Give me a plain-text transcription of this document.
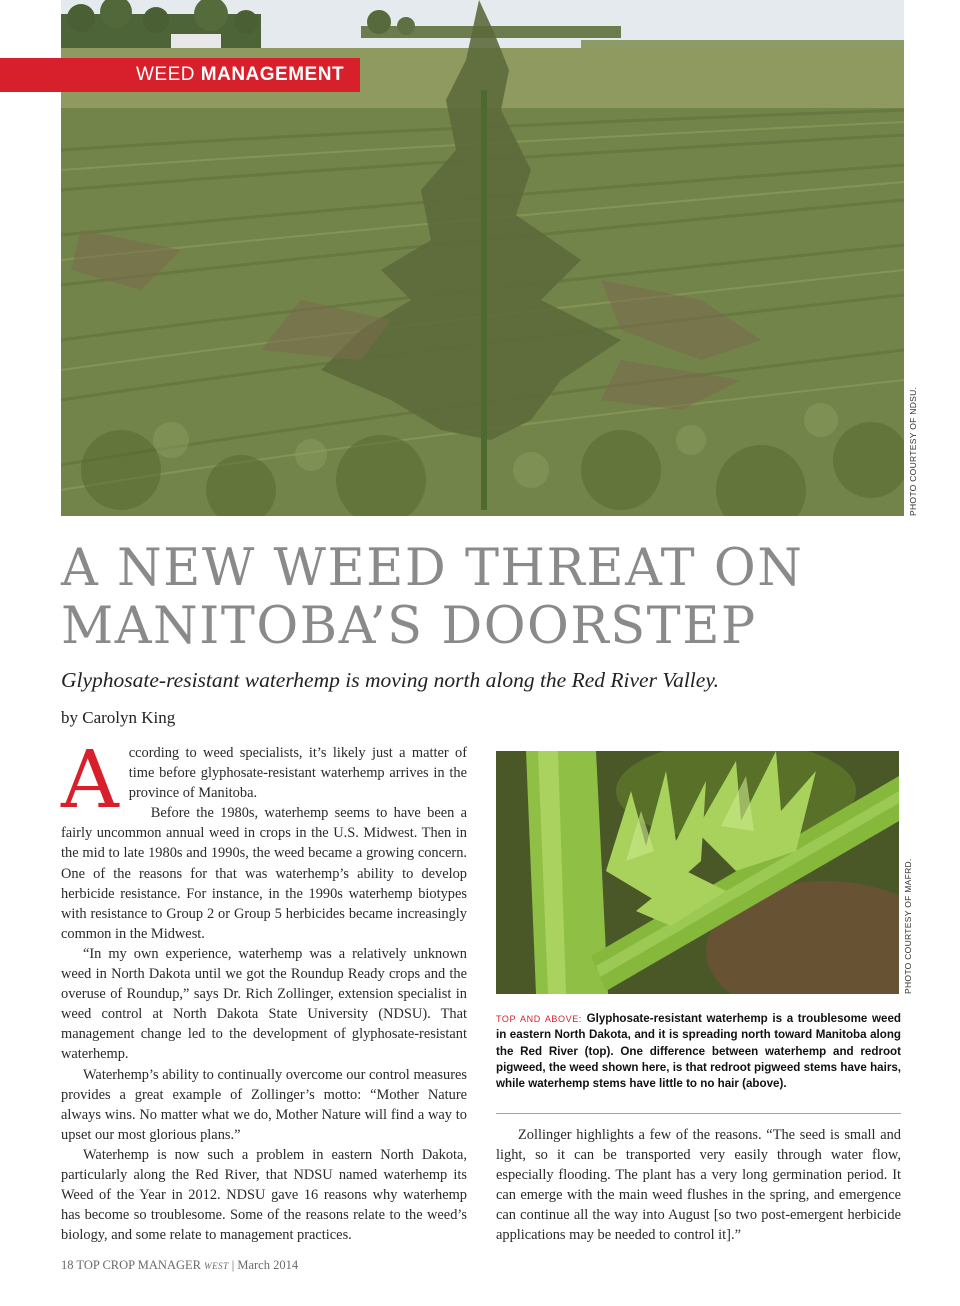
WEED MANAGEMENT
PHOTO COURTESY OF NDSU.
A NEW WEED THREAT ON
MANITOBA’S DOORSTEP
Glyphosate-resistant waterhemp is moving north along the Red River Valley.
by Carolyn King

According to weed specialists, it’s likely just a matter of time before glyphosate-resistant waterhemp arrives in the province of Manitoba.

Before the 1980s, waterhemp seems to have been a fairly uncommon annual weed in crops in the U.S. Midwest. Then in the mid to late 1980s and 1990s, the weed became a growing concern. One of the reasons for that was waterhemp’s ability to develop herbicide resistance. For instance, in the 1990s waterhemp biotypes with resistance to Group 2 or Group 5 herbicides became increasingly common in the Midwest.

“In my own experience, waterhemp was a relatively unknown weed in North Dakota until we got the Roundup Ready crops and the overuse of Roundup,” says Dr. Rich Zollinger, extension specialist in weed control at North Dakota State University (NDSU). That management change led to the development of glyphosate-resistant waterhemp.

Waterhemp’s ability to continually overcome our control measures provides a great example of Zollinger’s motto: “Mother Nature always wins. No matter what we do, Mother Nature will find a way to upset our most glorious plans.”

Waterhemp is now such a problem in eastern North Dakota, particularly along the Red River, that NDSU named waterhemp its Weed of the Year in 2012. NDSU gave 16 reasons why waterhemp has become so troublesome. Some of the reasons relate to the weed’s biology, and some relate to management practices.

PHOTO COURTESY OF MAFRD.
TOP AND ABOVE: Glyphosate-resistant waterhemp is a troublesome weed in eastern North Dakota, and it is spreading north toward Manitoba along the Red River (top). One difference between waterhemp and redroot pigweed, the weed shown here, is that redroot pigweed stems have hairs, while waterhemp stems have little to no hair (above).

Zollinger highlights a few of the reasons. “The seed is small and light, so it can be transported very easily through water flow, especially flooding. The plant has a very long germination period. It can emerge with the main weed flushes in the spring, and emergence can continue all the way into August [so two post-emergent herbicide applications may be needed to control it].”

18 TOP CROP MANAGER WEST | March 2014
